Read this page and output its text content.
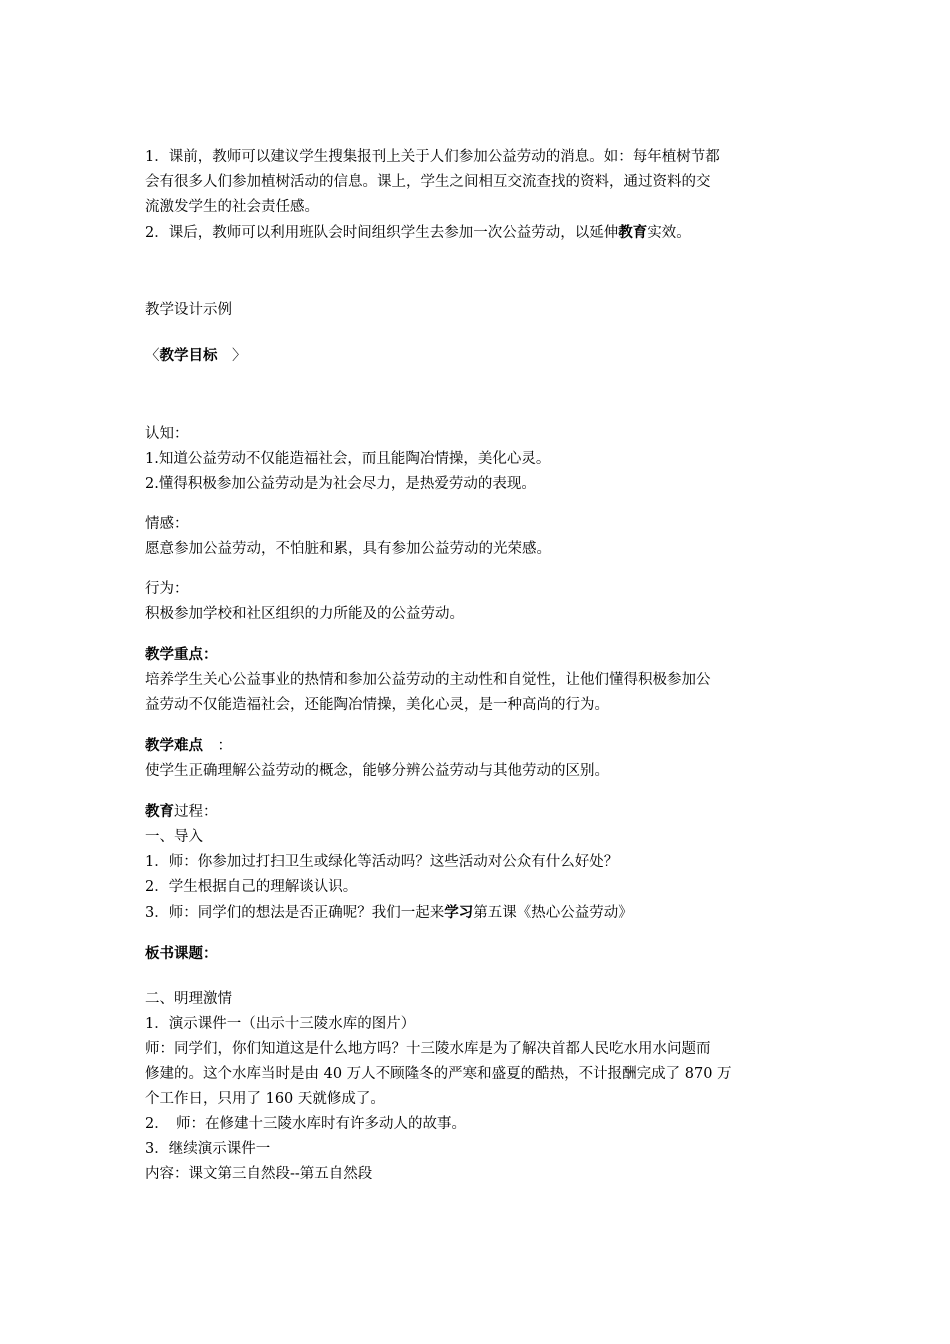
1．课前，教师可以建议学生搜集报刊上关于人们参加公益劳动的消息。如：每年植树节都

会有很多人们参加植树活动的信息。课上，学生之间相互交流查找的资料，通过资料的交

流激发学生的社会责任感。

2．课后，教师可以利用班队会时间组织学生去参加一次公益劳动，以延伸教育实效。

教学设计示例

〈教学目标　〉

认知：

1.知道公益劳动不仅能造福社会，而且能陶冶情操，美化心灵。

2.懂得积极参加公益劳动是为社会尽力，是热爱劳动的表现。

情感：

愿意参加公益劳动，不怕脏和累，具有参加公益劳动的光荣感。

行为：

积极参加学校和社区组织的力所能及的公益劳动。

教学重点：

培养学生关心公益事业的热情和参加公益劳动的主动性和自觉性，让他们懂得积极参加公

益劳动不仅能造福社会，还能陶冶情操，美化心灵，是一种高尚的行为。

教学难点　：

使学生正确理解公益劳动的概念，能够分辨公益劳动与其他劳动的区别。

教育过程：

一、导入

1．师：你参加过打扫卫生或绿化等活动吗？这些活动对公众有什么好处？

2．学生根据自己的理解谈认识。

3．师：同学们的想法是否正确呢？我们一起来学习第五课《热心公益劳动》

板书课题：

二、明理激情

1．演示课件一（出示十三陵水库的图片）

师：同学们，你们知道这是什么地方吗？十三陵水库是为了解决首都人民吃水用水问题而

修建的。这个水库当时是由 40 万人不顾隆冬的严寒和盛夏的酷热，不计报酬完成了 870 万

个工作日，只用了 160 天就修成了。

2．　师：在修建十三陵水库时有许多动人的故事。

3．继续演示课件一

内容：课文第三自然段--第五自然段
